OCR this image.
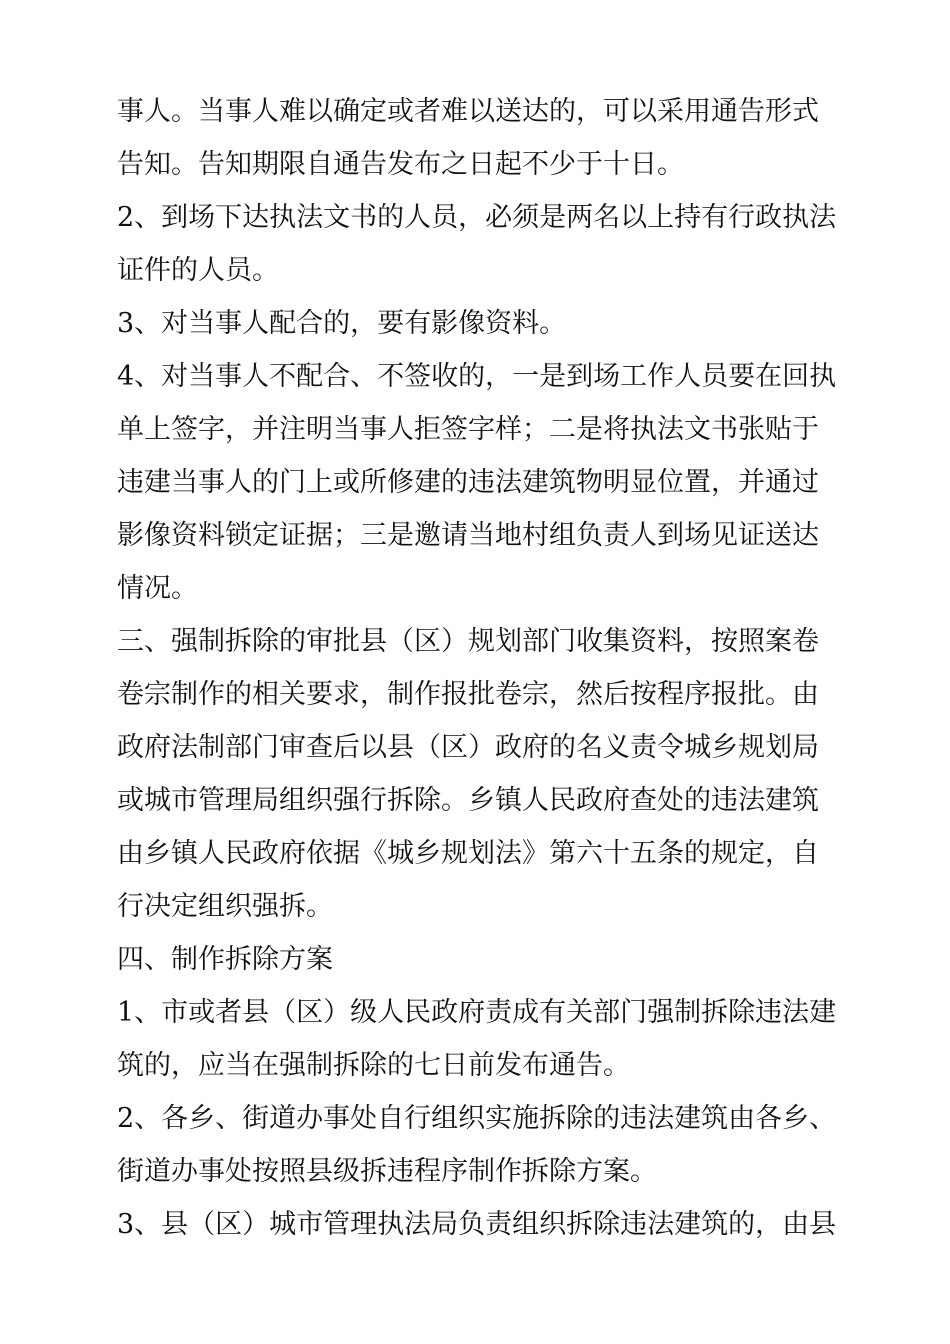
事人。当事人难以确定或者难以送达的，可以采用通告形式
告知。告知期限自通告发布之日起不少于十日。
2、到场下达执法文书的人员，必须是两名以上持有行政执法
证件的人员。
3、对当事人配合的，要有影像资料。
4、对当事人不配合、不签收的，一是到场工作人员要在回执
单上签字，并注明当事人拒签字样；二是将执法文书张贴于
违建当事人的门上或所修建的违法建筑物明显位置，并通过
影像资料锁定证据；三是邀请当地村组负责人到场见证送达
情况。
三、强制拆除的审批县（区）规划部门收集资料，按照案卷
卷宗制作的相关要求，制作报批卷宗，然后按程序报批。由
政府法制部门审查后以县（区）政府的名义责令城乡规划局
或城市管理局组织强行拆除。乡镇人民政府查处的违法建筑
由乡镇人民政府依据《城乡规划法》第六十五条的规定，自
行决定组织强拆。
四、制作拆除方案
1、市或者县（区）级人民政府责成有关部门强制拆除违法建
筑的，应当在强制拆除的七日前发布通告。
2、各乡、街道办事处自行组织实施拆除的违法建筑由各乡、
街道办事处按照县级拆违程序制作拆除方案。
3、县（区）城市管理执法局负责组织拆除违法建筑的，由县
